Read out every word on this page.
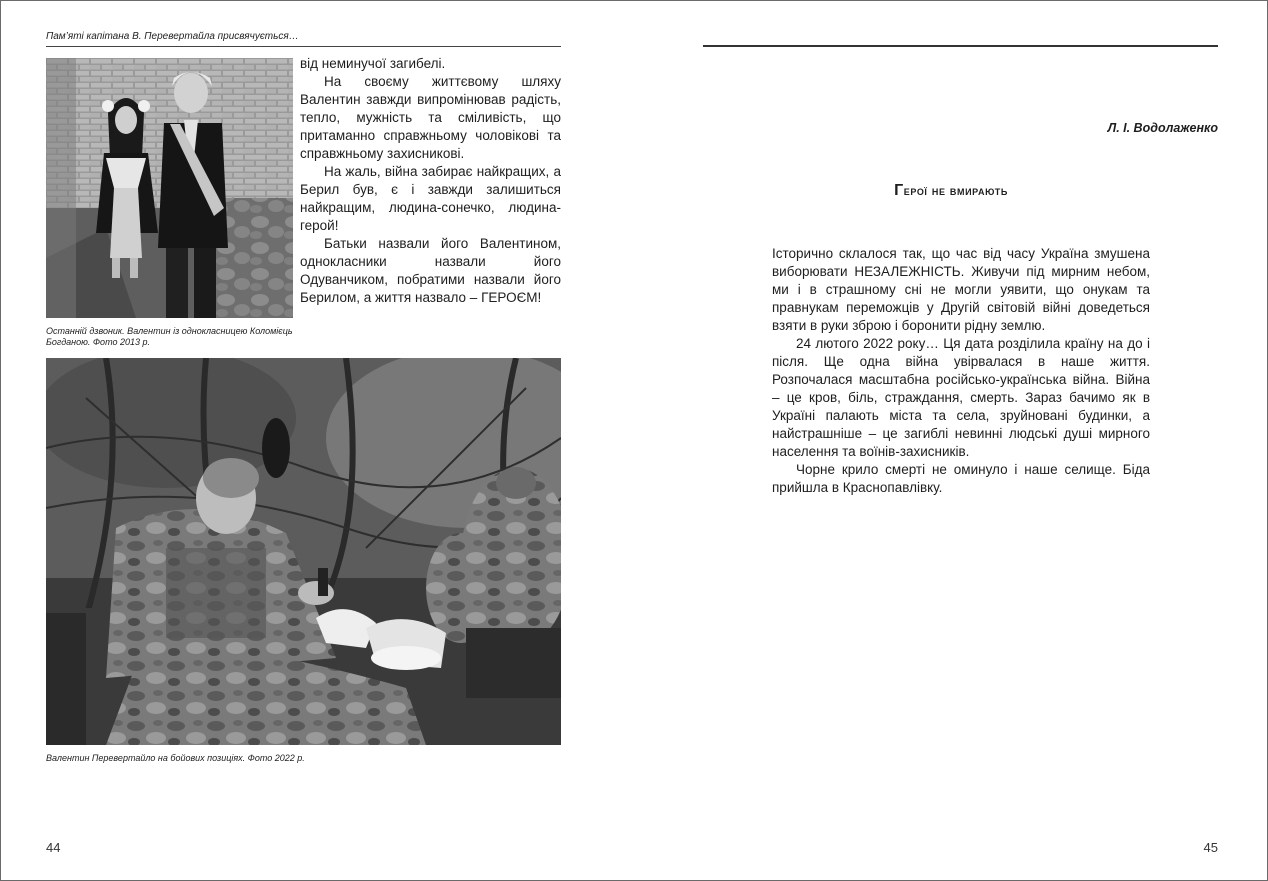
Пам’яті капітана В. Перевертайла присвячується…

від неминучої загибелі.

На своєму життєвому шляху Валентин завжди випромінював радість, тепло, мужність та сміливість, що притаманно справжньому чоловікові та справжньому захисникові.

На жаль, війна забирає найкращих, а Берил був, є і завжди залишиться найкращим, людина-сонечко, людина-герой!

Батьки назвали його Валентином, однокласники назвали його Одуванчиком, побратими назвали його Берилом, а життя назвало – ГЕРОЄМ!

Останній дзвоник. Валентин із однокласницею Коломієць Богданою. Фото 2013 р.
Валентин Перевертайло на бойових позиціях. Фото 2022 р.
44
Л. І. Водолаженко
Герої не вмирають

Історично склалося так, що час від часу Україна змушена виборювати НЕЗАЛЕЖНІСТЬ. Живучи під мирним небом, ми і в страшному сні не могли уявити, що онукам та правнукам переможців у Другій світовій війні доведеться взяти в руки зброю і боронити рідну землю.

24 лютого 2022 року… Ця дата розділила країну на до і після. Ще одна війна увірвалася в наше життя. Розпочалася масштабна російсько-українська війна. Війна – це кров, біль, страждання, смерть. Зараз бачимо як в Україні палають міста та села, зруйновані будинки, а найстрашніше – це загиблі невинні людські душі мирного населення та воїнів-захисників.

Чорне крило смерті не оминуло і наше селище. Біда прийшла в Краснопавлівку.

45
